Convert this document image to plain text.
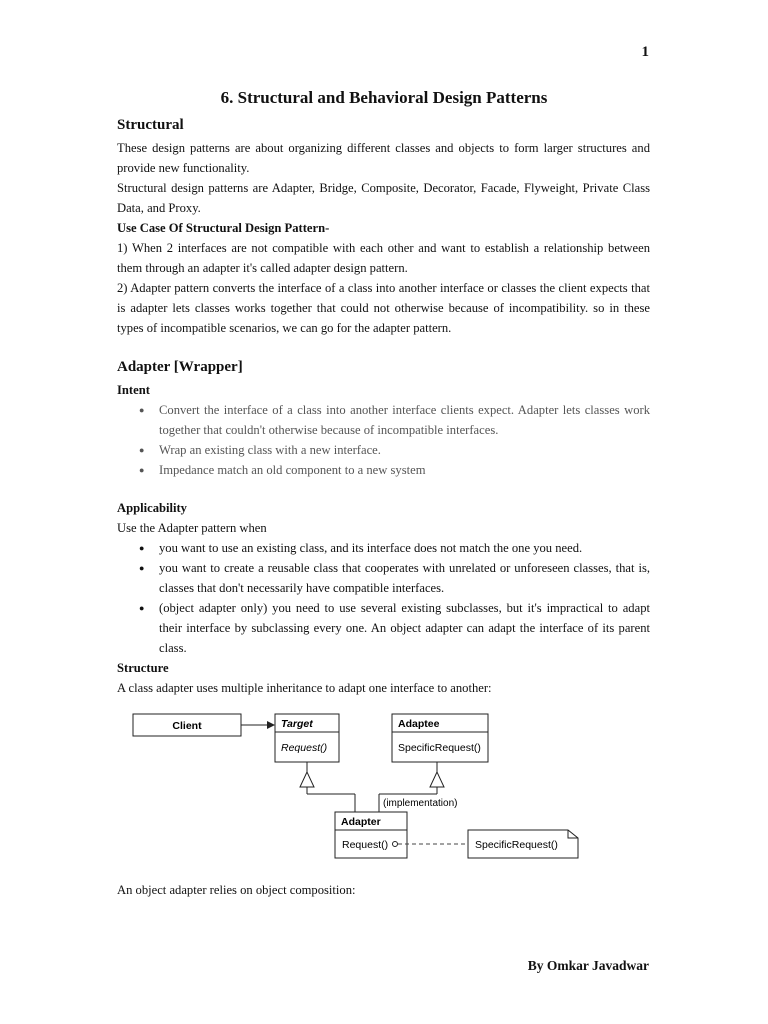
1
6. Structural and Behavioral Design Patterns
Structural

These design patterns are about organizing different classes and objects to form larger structures and provide new functionality.

Structural design patterns are Adapter, Bridge, Composite, Decorator, Facade, Flyweight, Private Class Data, and Proxy.

Use Case Of Structural Design Pattern-

1) When 2 interfaces are not compatible with each other and want to establish a relationship between them through an adapter it's called adapter design pattern.

2) Adapter pattern converts the interface of a class into another interface or classes the client expects that is adapter lets classes works together that could not otherwise because of incompatibility. so in these types of incompatible scenarios, we can go for the adapter pattern.

Adapter [Wrapper]

Intent

● Convert the interface of a class into another interface clients expect. Adapter lets classes work together that couldn't otherwise because of incompatible interfaces.
● Wrap an existing class with a new interface.
● Impedance match an old component to a new system

Applicability

Use the Adapter pattern when

● you want to use an existing class, and its interface does not match the one you need.
● you want to create a reusable class that cooperates with unrelated or unforeseen classes, that is, classes that don't necessarily have compatible interfaces.
● (object adapter only) you need to use several existing subclasses, but it's impractical to adapt their interface by subclassing every one. An object adapter can adapt the interface of its parent class.

Structure

A class adapter uses multiple inheritance to adapt one interface to another:

Client	Target
Request()
Adaptee
SpecificRequest()
(implementation)
Adapter
Request()	SpecificRequest()

An object adapter relies on object composition:

By Omkar Javadwar
